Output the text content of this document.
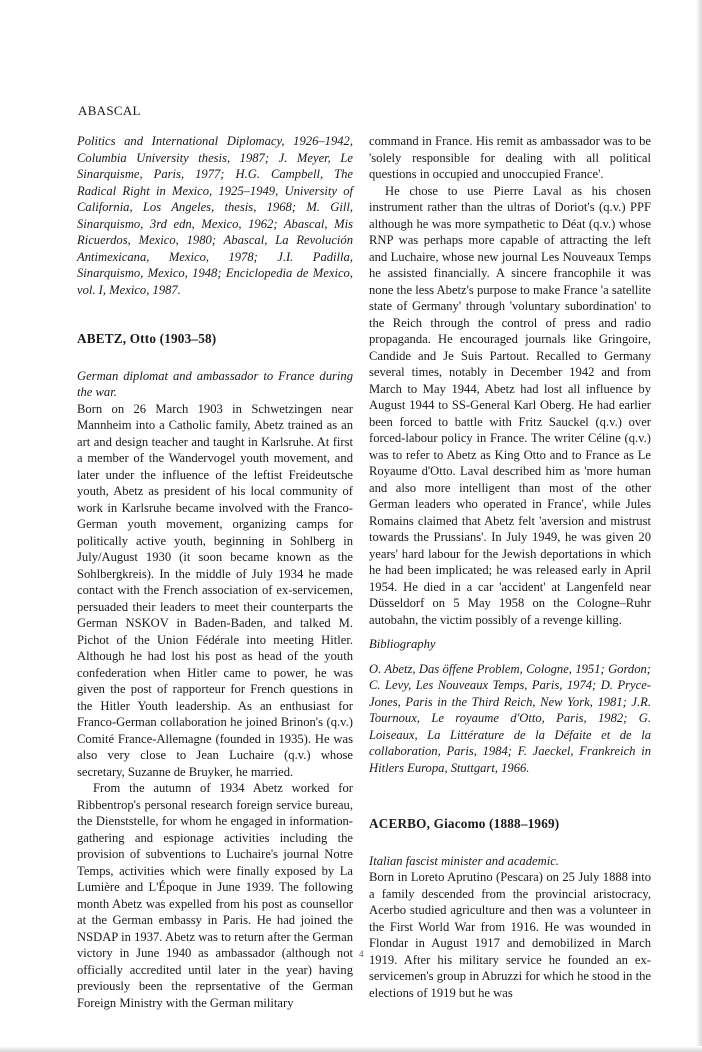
ABASCAL

Politics and International Diplomacy, 1926–1942, Columbia University thesis, 1987; J. Meyer, Le Sinarquisme, Paris, 1977; H.G. Campbell, The Radical Right in Mexico, 1925–1949, University of California, Los Angeles, thesis, 1968; M. Gill, Sinarquismo, 3rd edn, Mexico, 1962; Abascal, Mis Ricuerdos, Mexico, 1980; Abascal, La Revolución Antimexicana, Mexico, 1978; J.I. Padilla, Sinarquismo, Mexico, 1948; Enciclopedia de Mexico, vol. I, Mexico, 1987.

ABETZ, Otto (1903–58)

German diplomat and ambassador to France during the war.

Born on 26 March 1903 in Schwetzingen near Mannheim into a Catholic family, Abetz trained as an art and design teacher and taught in Karlsruhe. At first a member of the Wandervogel youth movement, and later under the influence of the leftist Freideutsche youth, Abetz as president of his local community of work in Karlsruhe became involved with the Franco-German youth movement, organizing camps for politically active youth, beginning in Sohlberg in July/August 1930 (it soon became known as the Sohlbergkreis). In the middle of July 1934 he made contact with the French association of ex-servicemen, persuaded their leaders to meet their counterparts the German NSKOV in Baden-Baden, and talked M. Pichot of the Union Fédérale into meeting Hitler. Although he had lost his post as head of the youth confederation when Hitler came to power, he was given the post of rapporteur for French questions in the Hitler Youth leadership. As an enthusiast for Franco-German collaboration he joined Brinon's (q.v.) Comité France-Allemagne (founded in 1935). He was also very close to Jean Luchaire (q.v.) whose secretary, Suzanne de Bruyker, he married.

From the autumn of 1934 Abetz worked for Ribbentrop's personal research foreign service bureau, the Dienststelle, for whom he engaged in information-gathering and espionage activities including the provision of subventions to Luchaire's journal Notre Temps, activities which were finally exposed by La Lumière and L'Époque in June 1939. The following month Abetz was expelled from his post as counsellor at the German embassy in Paris. He had joined the NSDAP in 1937. Abetz was to return after the German victory in June 1940 as ambassador (although not officially accredited until later in the year) having previously been the reprsentative of the German Foreign Ministry with the German military

command in France. His remit as ambassador was to be 'solely responsible for dealing with all political questions in occupied and unoccupied France'.

He chose to use Pierre Laval as his chosen instrument rather than the ultras of Doriot's (q.v.) PPF although he was more sympathetic to Déat (q.v.) whose RNP was perhaps more capable of attracting the left and Luchaire, whose new journal Les Nouveaux Temps he assisted financially. A sincere francophile it was none the less Abetz's purpose to make France 'a satellite state of Germany' through 'voluntary subordination' to the Reich through the control of press and radio propaganda. He encouraged journals like Gringoire, Candide and Je Suis Partout. Recalled to Germany several times, notably in December 1942 and from March to May 1944, Abetz had lost all influence by August 1944 to SS-General Karl Oberg. He had earlier been forced to battle with Fritz Sauckel (q.v.) over forced-labour policy in France. The writer Céline (q.v.) was to refer to Abetz as King Otto and to France as Le Royaume d'Otto. Laval described him as 'more human and also more intelligent than most of the other German leaders who operated in France', while Jules Romains claimed that Abetz felt 'aversion and mistrust towards the Prussians'. In July 1949, he was given 20 years' hard labour for the Jewish deportations in which he had been implicated; he was released early in April 1954. He died in a car 'accident' at Langenfeld near Düsseldorf on 5 May 1958 on the Cologne–Ruhr autobahn, the victim possibly of a revenge killing.

Bibliography

O. Abetz, Das öffene Problem, Cologne, 1951; Gordon; C. Levy, Les Nouveaux Temps, Paris, 1974; D. Pryce-Jones, Paris in the Third Reich, New York, 1981; J.R. Tournoux, Le royaume d'Otto, Paris, 1982; G. Loiseaux, La Littérature de la Défaite et de la collaboration, Paris, 1984; F. Jaeckel, Frankreich in Hitlers Europa, Stuttgart, 1966.

ACERBO, Giacomo (1888–1969)

Italian fascist minister and academic.

Born in Loreto Aprutino (Pescara) on 25 July 1888 into a family descended from the provincial aristocracy, Acerbo studied agriculture and then was a volunteer in the First World War from 1916. He was wounded in Flondar in August 1917 and demobilized in March 1919. After his military service he founded an ex-servicemen's group in Abruzzi for which he stood in the elections of 1919 but he was

4
